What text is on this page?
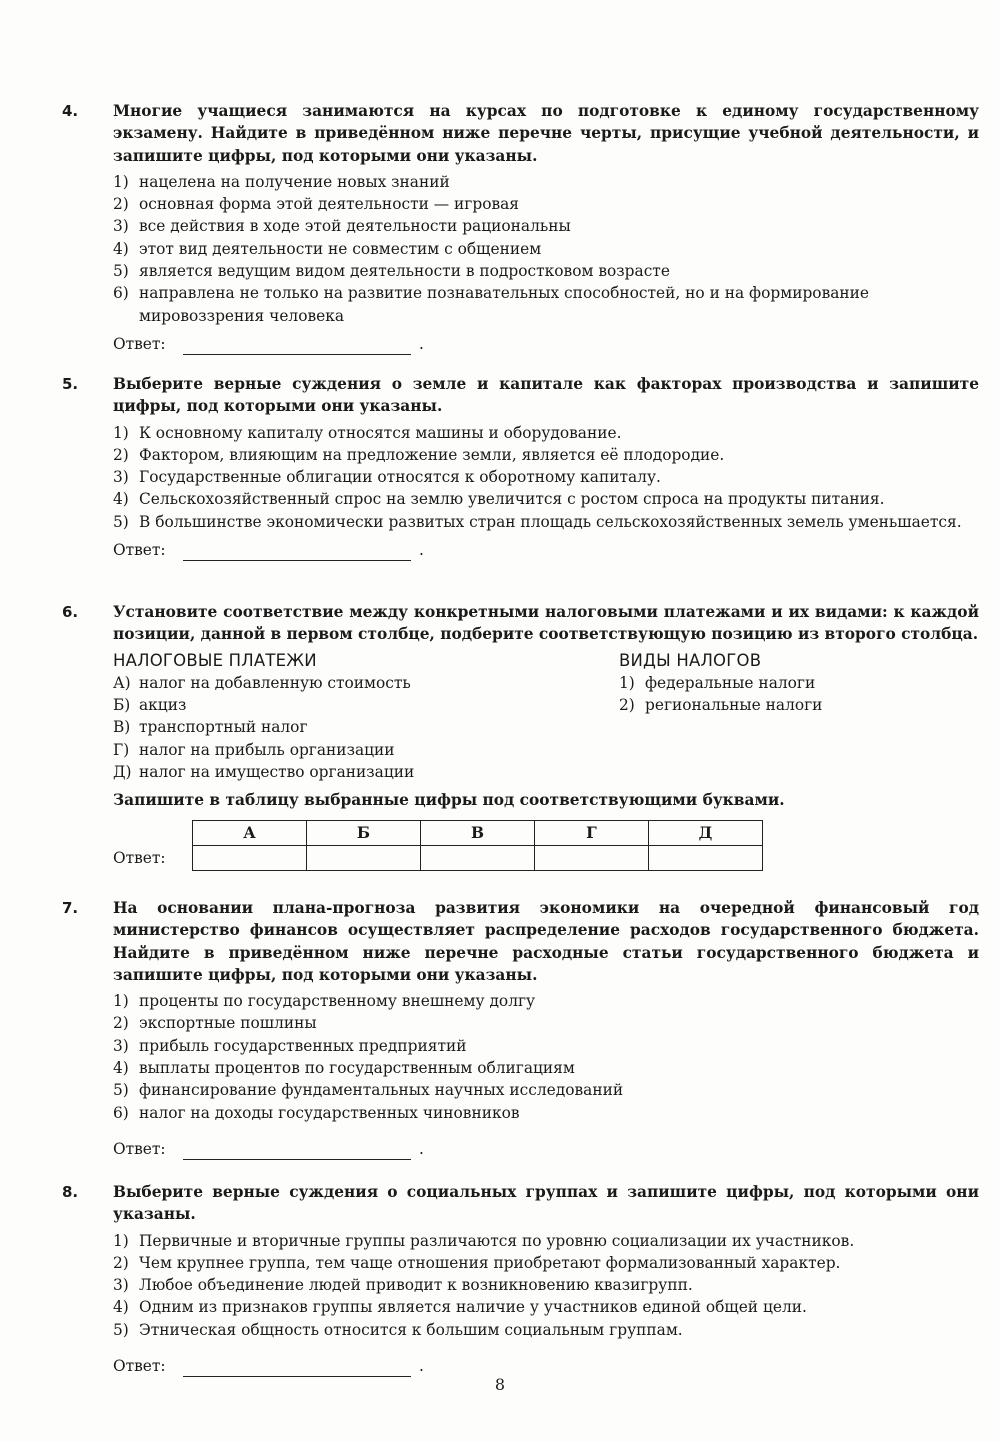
4. Многие учащиеся занимаются на курсах по подготовке к единому государственному экзамену. Найдите в приведённом ниже перечне черты, присущие учебной деятельности, и запишите цифры, под которыми они указаны.

1) нацелена на получение новых знаний
2) основная форма этой деятельности — игровая
3) все действия в ходе этой деятельности рациональны
4) этот вид деятельности не совместим с общением
5) является ведущим видом деятельности в подростковом возрасте
6) направлена не только на развитие познавательных способностей, но и на формирование мировоззрения человека
Ответ:	.
5. Выберите верные суждения о земле и капитале как факторах производства и запишите цифры, под которыми они указаны.

1) К основному капиталу относятся машины и оборудование.
2) Фактором, влияющим на предложение земли, является её плодородие.
3) Государственные облигации относятся к оборотному капиталу.
4) Сельскохозяйственный спрос на землю увеличится с ростом спроса на продукты питания.
5) В большинстве экономически развитых стран площадь сельскохозяйственных земель уменьшается.
Ответ:	.
6. Установите соответствие между конкретными налоговыми платежами и их видами: к каждой позиции, данной в первом столбце, подберите соответствующую позицию из второго столбца.

НАЛОГОВЫЕ ПЛАТЕЖИ
А) налог на добавленную стоимость
Б) акциз
В) транспортный налог
Г) налог на прибыль организации
Д) налог на имущество организации
ВИДЫ НАЛОГОВ
1) федеральные налоги
2) региональные налоги
Запишите в таблицу выбранные цифры под соответствующими буквами.
Ответ:
А	Б	В	Г	Д

7. На основании плана-прогноза развития экономики на очередной финансовый год министерство финансов осуществляет распределение расходов государственного бюджета. Найдите в приведённом ниже перечне расходные статьи государственного бюджета и запишите цифры, под которыми они указаны.

1) проценты по государственному внешнему долгу
2) экспортные пошлины
3) прибыль государственных предприятий
4) выплаты процентов по государственным облигациям
5) финансирование фундаментальных научных исследований
6) налог на доходы государственных чиновников
Ответ:	.
8. Выберите верные суждения о социальных группах и запишите цифры, под которыми они указаны.

1) Первичные и вторичные группы различаются по уровню социализации их участников.
2) Чем крупнее группа, тем чаще отношения приобретают формализованный характер.
3) Любое объединение людей приводит к возникновению квазигрупп.
4) Одним из признаков группы является наличие у участников единой общей цели.
5) Этническая общность относится к большим социальным группам.
Ответ:	.
8
